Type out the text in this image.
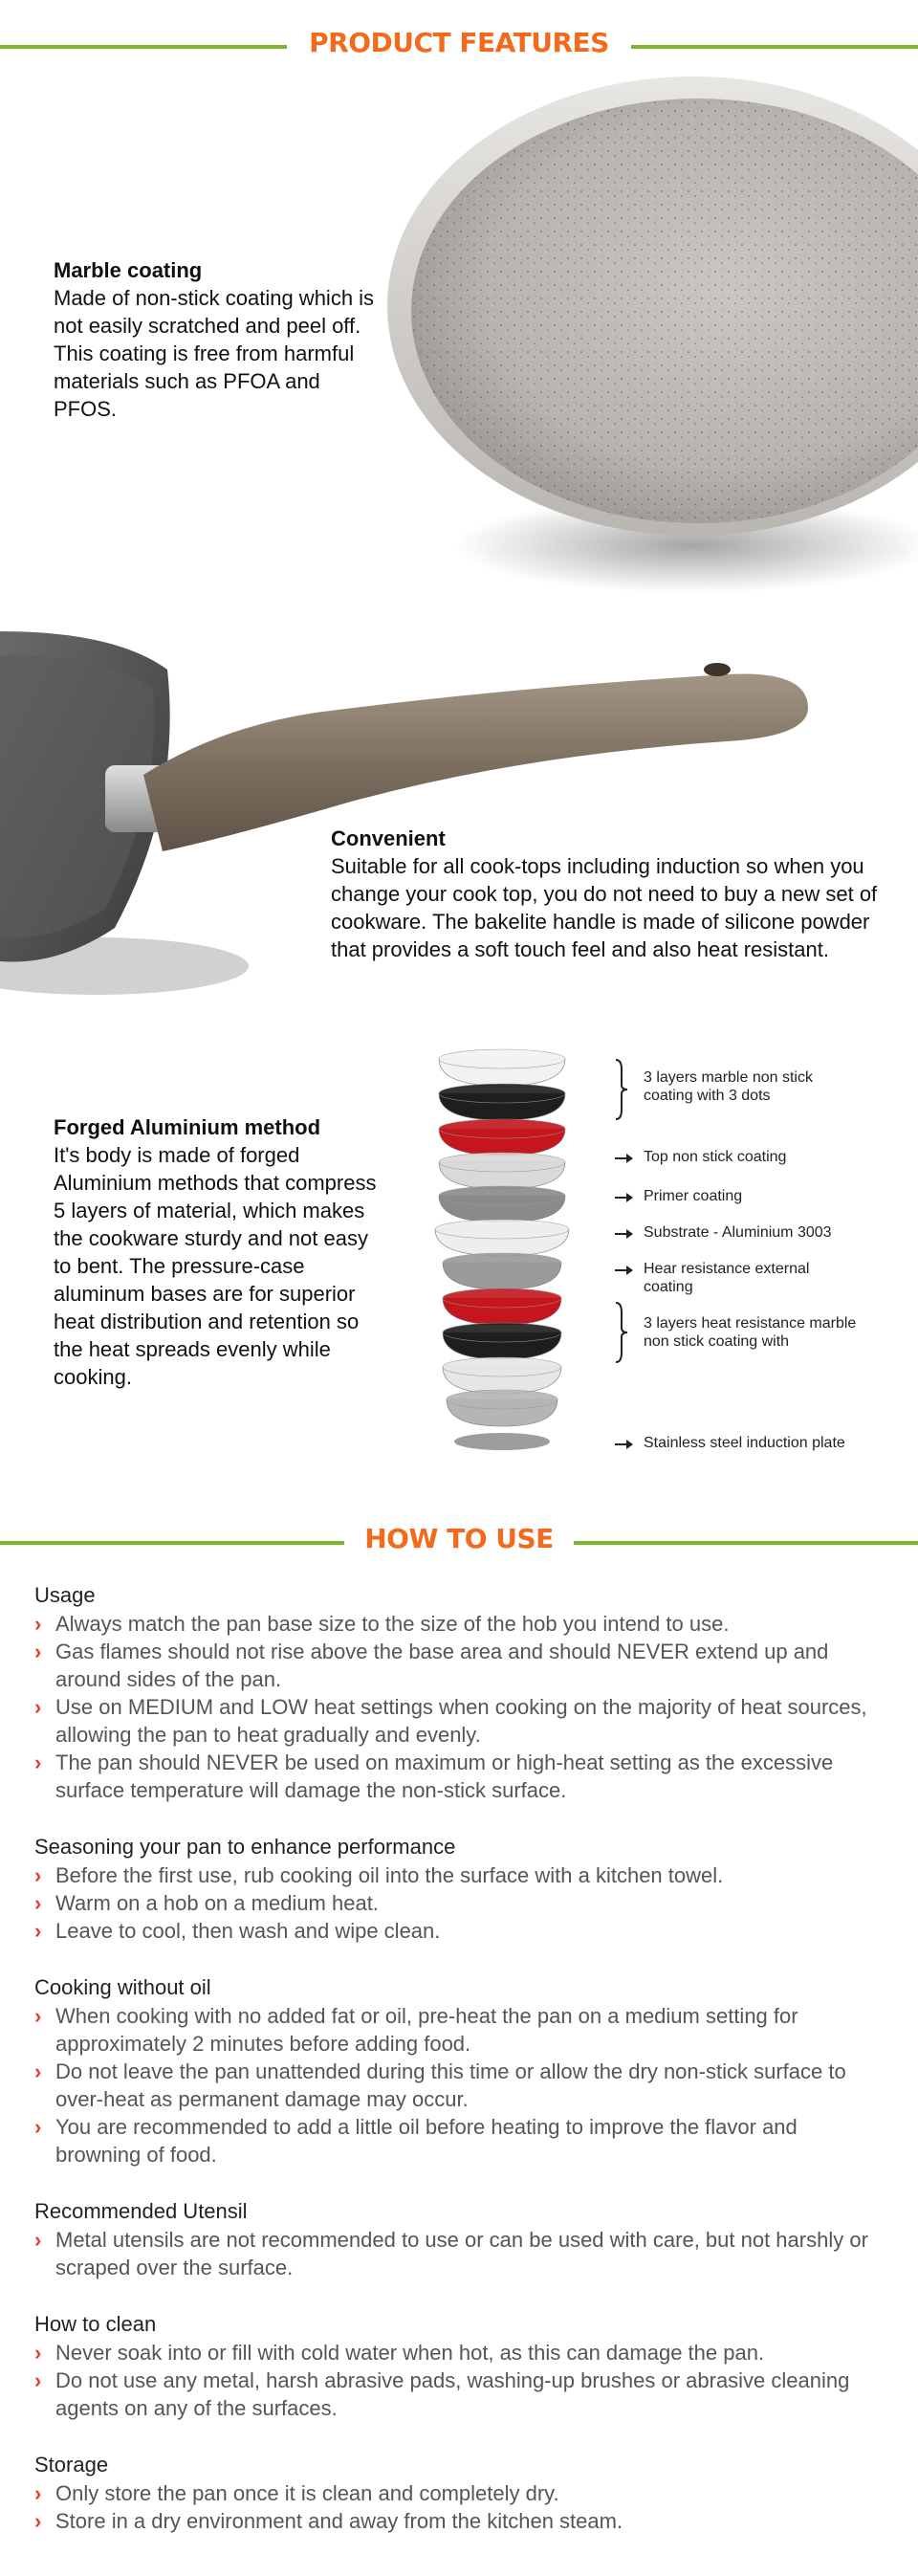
PRODUCT FEATURES
Marble coating
Made of non-stick coating which is not easily scratched and peel off. This coating is free from harmful materials such as PFOA and PFOS.
Convenient
Suitable for all cook-tops including induction so when you change your cook top, you do not need to buy a new set of cookware. The bakelite handle is made of silicone powder that provides a soft touch feel and also heat resistant.
Forged Aluminium method
It's body is made of forged Aluminium methods that compress 5 layers of material, which makes the cookware sturdy and not easy to bent. The pressure-case aluminum bases are for superior heat distribution and retention so the heat spreads evenly while cooking.
3 layers marble non stick coating with 3 dots
Top non stick coating
Primer coating
Substrate - Aluminium 3003
Hear resistance external coating
3 layers heat resistance marble non stick coating with
Stainless steel induction plate
HOW TO USE
Usage
› Always match the pan base size to the size of the hob you intend to use.
› Gas flames should not rise above the base area and should NEVER extend up and around sides of the pan.
› Use on MEDIUM and LOW heat settings when cooking on the majority of heat sources, allowing the pan to heat gradually and evenly.
› The pan should NEVER be used on maximum or high-heat setting as the excessive surface temperature will damage the non-stick surface.
Seasoning your pan to enhance performance
› Before the first use, rub cooking oil into the surface with a kitchen towel.
› Warm on a hob on a medium heat.
› Leave to cool, then wash and wipe clean.
Cooking without oil
› When cooking with no added fat or oil, pre-heat the pan on a medium setting for approximately 2 minutes before adding food.
› Do not leave the pan unattended during this time or allow the dry non-stick surface to over-heat as permanent damage may occur.
› You are recommended to add a little oil before heating to improve the flavor and browning of food.
Recommended Utensil
› Metal utensils are not recommended to use or can be used with care, but not harshly or scraped over the surface.
How to clean
› Never soak into or fill with cold water when hot, as this can damage the pan.
› Do not use any metal, harsh abrasive pads, washing-up brushes or abrasive cleaning agents on any of the surfaces.
Storage
› Only store the pan once it is clean and completely dry.
› Store in a dry environment and away from the kitchen steam.
